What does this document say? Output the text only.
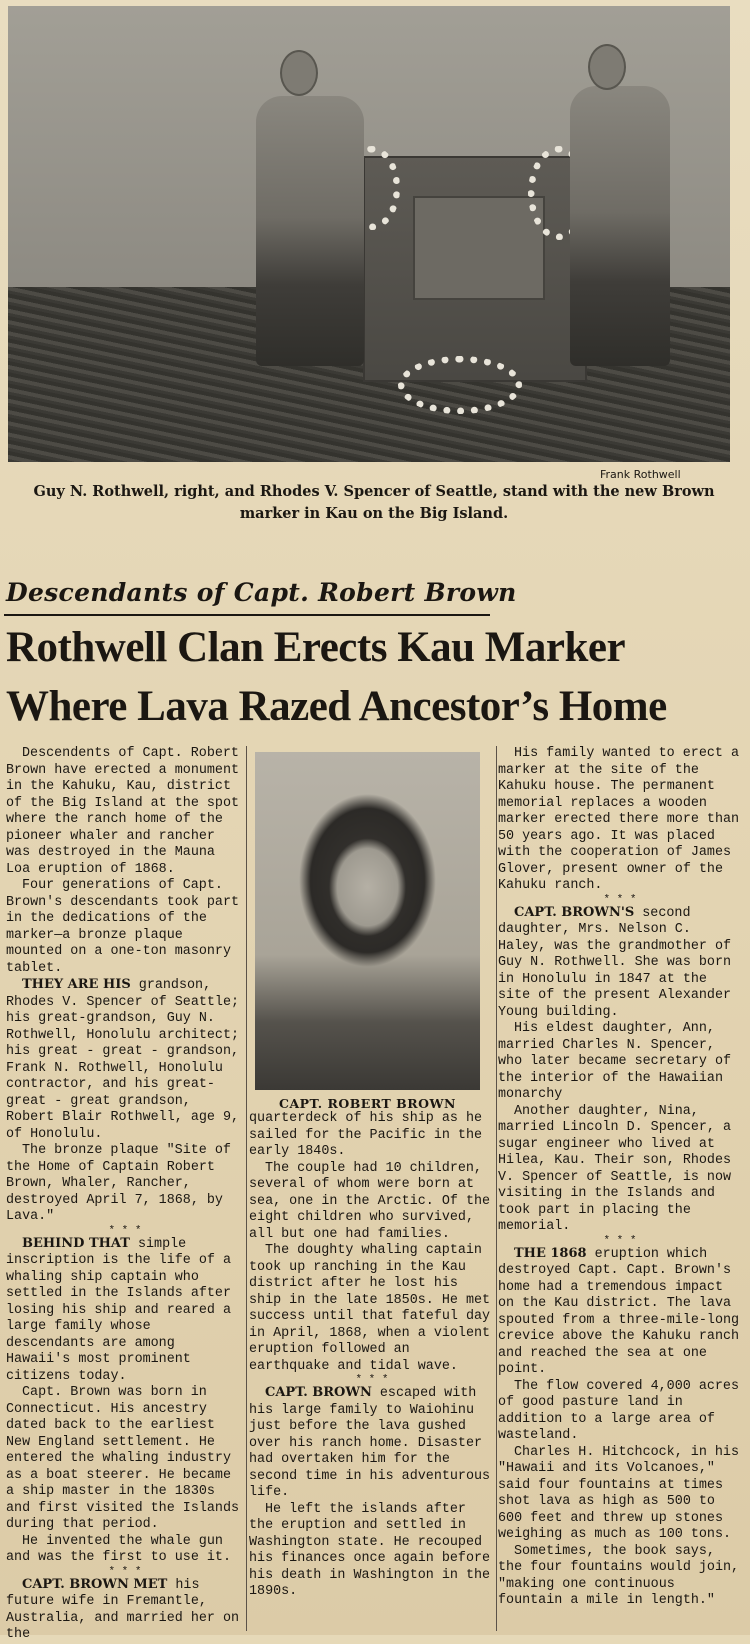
Frank Rothwell
Guy N. Rothwell, right, and Rhodes V. Spencer of Seattle, stand with the new Brown marker in Kau on the Big Island.
Descendants of Capt. Robert Brown
Rothwell Clan Erects Kau Marker
Where Lava Razed Ancestor’s Home

Descendents of Capt. Robert Brown have erected a monument in the Kahuku, Kau, district of the Big Island at the spot where the ranch home of the pioneer whaler and rancher was destroyed in the Mauna Loa eruption of 1868.

Four generations of Capt. Brown's descendants took part in the dedications of the marker—a bronze plaque mounted on a one-ton masonry tablet.

THEY ARE HIS grandson, Rhodes V. Spencer of Seattle; his great-grandson, Guy N. Rothwell, Honolulu architect; his great - great - grandson, Frank N. Rothwell, Honolulu contractor, and his great-great - great grandson, Robert Blair Rothwell, age 9, of Honolulu.

The bronze plaque "Site of the Home of Captain Robert Brown, Whaler, Rancher, destroyed April 7, 1868, by Lava."

* * *

BEHIND THAT simple inscription is the life of a whaling ship captain who settled in the Islands after losing his ship and reared a large family whose descendants are among Hawaii's most prominent citizens today.

Capt. Brown was born in Connecticut. His ancestry dated back to the earliest New England settlement. He entered the whaling industry as a boat steerer. He became a ship master in the 1830s and first visited the Islands during that period.

He invented the whale gun and was the first to use it.

* * *

CAPT. BROWN MET his future wife in Fremantle, Australia, and married her on the

CAPT. ROBERT BROWN

quarterdeck of his ship as he sailed for the Pacific in the early 1840s.

The couple had 10 children, several of whom were born at sea, one in the Arctic. Of the eight children who survived, all but one had families.

The doughty whaling captain took up ranching in the Kau district after he lost his ship in the late 1850s. He met success until that fateful day in April, 1868, when a violent eruption followed an earthquake and tidal wave.

* * *

CAPT. BROWN escaped with his large family to Waiohinu just before the lava gushed over his ranch home. Disaster had overtaken him for the second time in his adventurous life.

He left the islands after the eruption and settled in Washington state. He recouped his finances once again before his death in Washington in the 1890s.

His family wanted to erect a marker at the site of the Kahuku house. The permanent memorial replaces a wooden marker erected there more than 50 years ago. It was placed with the cooperation of James Glover, present owner of the Kahuku ranch.

* * *

CAPT. BROWN'S second daughter, Mrs. Nelson C. Haley, was the grandmother of Guy N. Rothwell. She was born in Honolulu in 1847 at the site of the present Alexander Young building.

His eldest daughter, Ann, married Charles N. Spencer, who later became secretary of the interior of the Hawaiian monarchy

Another daughter, Nina, married Lincoln D. Spencer, a sugar engineer who lived at Hilea, Kau. Their son, Rhodes V. Spencer of Seattle, is now visiting in the Islands and took part in placing the memorial.

* * *

THE 1868 eruption which destroyed Capt. Capt. Brown's home had a tremendous impact on the Kau district. The lava spouted from a three-mile-long crevice above the Kahuku ranch and reached the sea at one point.

The flow covered 4,000 acres of good pasture land in addition to a large area of wasteland.

Charles H. Hitchcock, in his "Hawaii and its Volcanoes," said four fountains at times shot lava as high as 500 to 600 feet and threw up stones weighing as much as 100 tons.

Sometimes, the book says, the four fountains would join, "making one continuous fountain a mile in length."
